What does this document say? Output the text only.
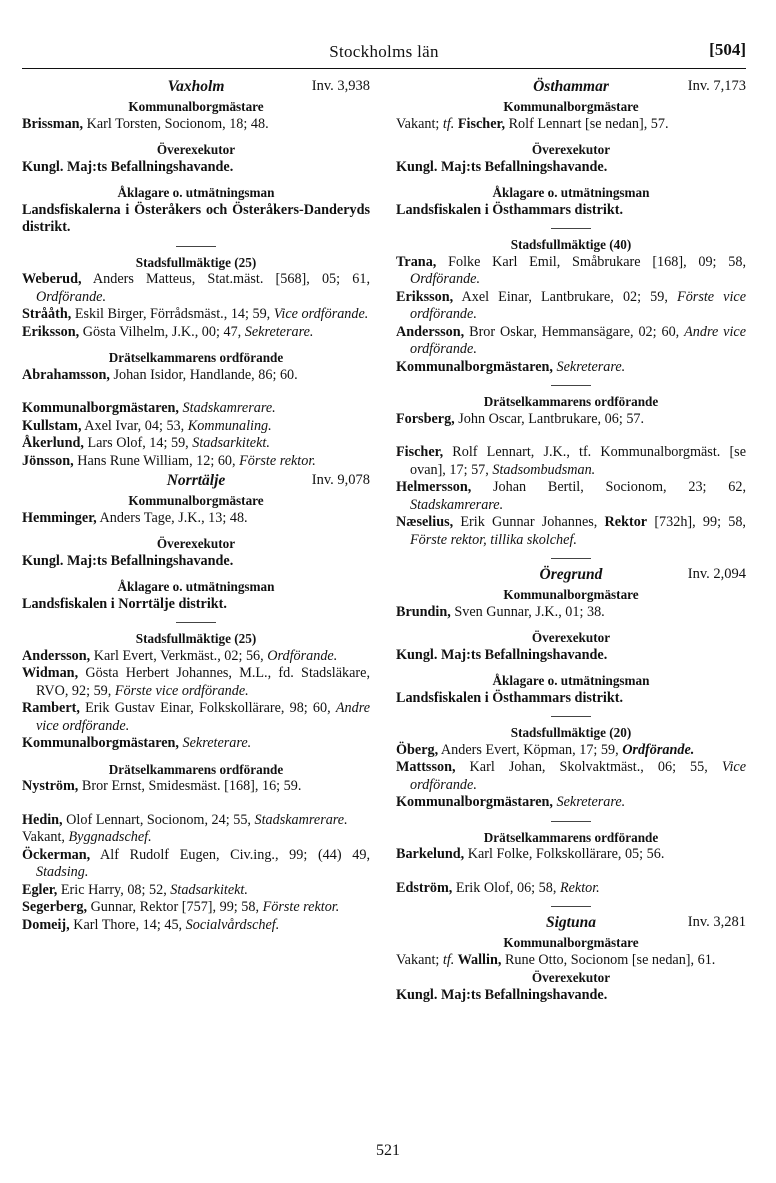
Stockholms län	[504]
Vaxholm	Inv. 3,938
Kommunalborgmästare

Brissman, Karl Torsten, Socionom, 18; 48.

Överexekutor

Kungl. Maj:ts Befallningshavande.

Åklagare o. utmätningsman

Landsfiskalerna i Österåkers och Österåkers-Danderyds distrikt.

Stadsfullmäktige (25)

Weberud, Anders Matteus, Stat.mäst. [568], 05; 61, Ordförande.

Strååth, Eskil Birger, Förrådsmäst., 14; 59, Vice ordförande.

Eriksson, Gösta Vilhelm, J.K., 00; 47, Sekreterare.

Drätselkammarens ordförande

Abrahamsson, Johan Isidor, Handlande, 86; 60.

Kommunalborgmästaren, Stadskamrerare.

Kullstam, Axel Ivar, 04; 53, Kommunaling.

Åkerlund, Lars Olof, 14; 59, Stadsarkitekt.

Jönsson, Hans Rune William, 12; 60, Förste rektor.

Norrtälje	Inv. 9,078
Kommunalborgmästare

Hemminger, Anders Tage, J.K., 13; 48.

Överexekutor

Kungl. Maj:ts Befallningshavande.

Åklagare o. utmätningsman

Landsfiskalen i Norrtälje distrikt.

Stadsfullmäktige (25)

Andersson, Karl Evert, Verkmäst., 02; 56, Ordförande.

Widman, Gösta Herbert Johannes, M.L., fd. Stadsläkare, RVO, 92; 59, Förste vice ordförande.

Rambert, Erik Gustav Einar, Folkskollärare, 98; 60, Andre vice ordförande.

Kommunalborgmästaren, Sekreterare.

Drätselkammarens ordförande

Nyström, Bror Ernst, Smidesmäst. [168], 16; 59.

Hedin, Olof Lennart, Socionom, 24; 55, Stadskamrerare.

Vakant, Byggnadschef.

Öckerman, Alf Rudolf Eugen, Civ.ing., 99; (44) 49, Stadsing.

Egler, Eric Harry, 08; 52, Stadsarkitekt.

Segerberg, Gunnar, Rektor [757], 99; 58, Förste rektor.

Domeij, Karl Thore, 14; 45, Socialvårdschef.

Östhammar	Inv. 7,173
Kommunalborgmästare

Vakant; tf. Fischer, Rolf Lennart [se nedan], 57.

Överexekutor

Kungl. Maj:ts Befallningshavande.

Åklagare o. utmätningsman

Landsfiskalen i Östhammars distrikt.

Stadsfullmäktige (40)

Trana, Folke Karl Emil, Småbrukare [168], 09; 58, Ordförande.

Eriksson, Axel Einar, Lantbrukare, 02; 59, Förste vice ordförande.

Andersson, Bror Oskar, Hemmansägare, 02; 60, Andre vice ordförande.

Kommunalborgmästaren, Sekreterare.

Drätselkammarens ordförande

Forsberg, John Oscar, Lantbrukare, 06; 57.

Fischer, Rolf Lennart, J.K., tf. Kommunalborgmäst. [se ovan], 17; 57, Stadsombudsman.

Helmersson, Johan Bertil, Socionom, 23; 62, Stadskamrerare.

Næselius, Erik Gunnar Johannes, Rektor [732h], 99; 58, Förste rektor, tillika skolchef.

Öregrund	Inv. 2,094
Kommunalborgmästare

Brundin, Sven Gunnar, J.K., 01; 38.

Överexekutor

Kungl. Maj:ts Befallningshavande.

Åklagare o. utmätningsman

Landsfiskalen i Östhammars distrikt.

Stadsfullmäktige (20)

Öberg, Anders Evert, Köpman, 17; 59, Ordförande.

Mattsson, Karl Johan, Skolvaktmäst., 06; 55, Vice ordförande.

Kommunalborgmästaren, Sekreterare.

Drätselkammarens ordförande

Barkelund, Karl Folke, Folkskollärare, 05; 56.

Edström, Erik Olof, 06; 58, Rektor.

Sigtuna	Inv. 3,281
Kommunalborgmästare

Vakant; tf. Wallin, Rune Otto, Socionom [se nedan], 61.

Överexekutor

Kungl. Maj:ts Befallningshavande.

521
